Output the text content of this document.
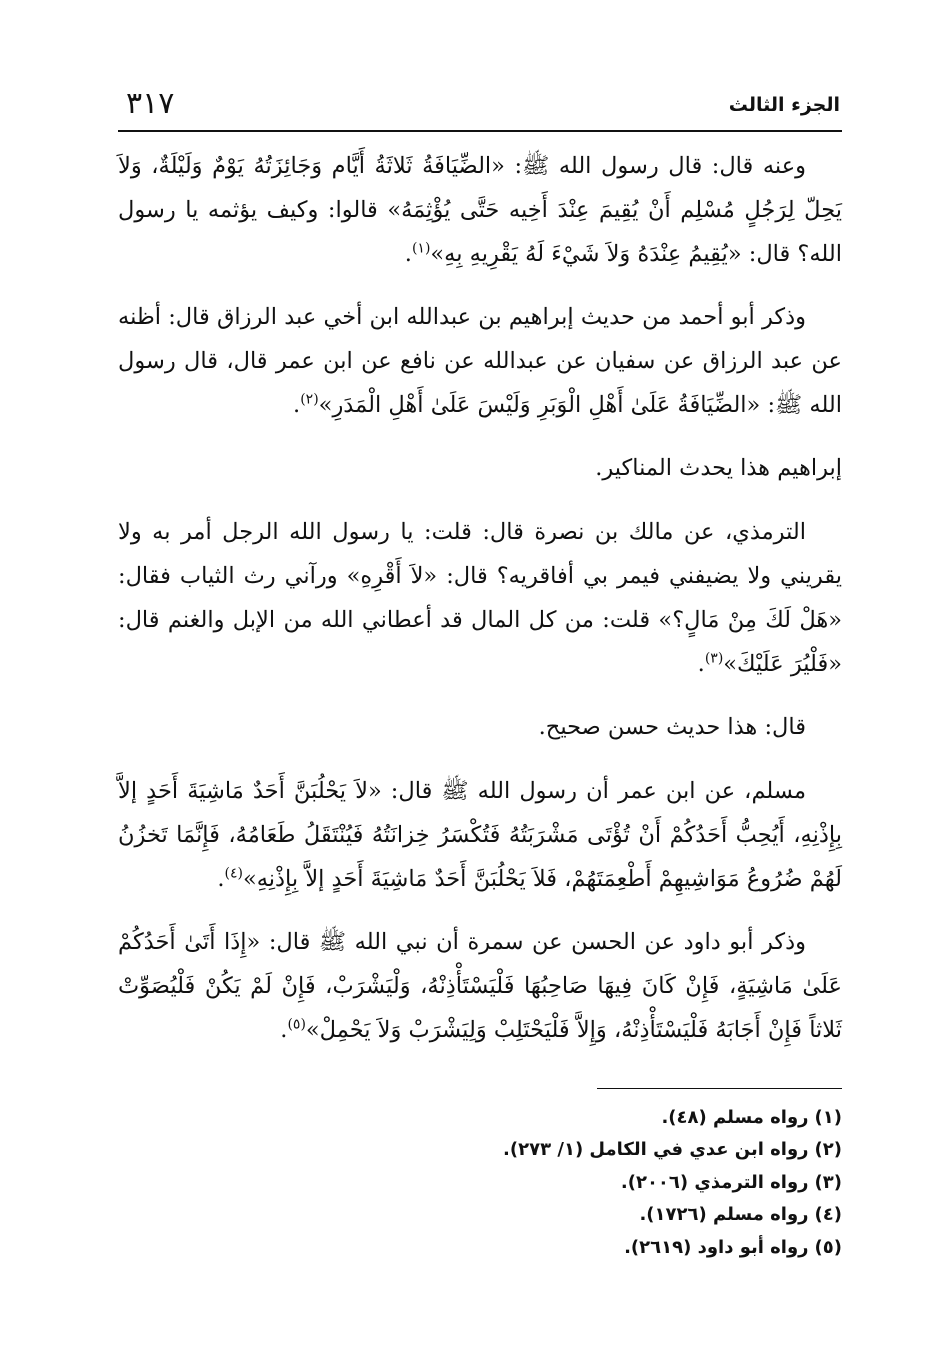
الجزء الثالث
٣١٧

وعنه قال: قال رسول الله ﷺ: «الضِّيَافَةُ ثَلاثَةُ أَيَّام وَجَائِزَتُهُ يَوْمٌ وَلَيْلَةٌ، وَلاَ يَحِلّ لِرَجُلٍ مُسْلِم أَنْ يُقِيمَ عِنْدَ أَخِيه حَتَّى يُؤْثِمَهُ» قالوا: وكيف يؤثمه يا رسول الله؟ قال: «يُقِيمُ عِنْدَهُ وَلاَ شَيْءَ لَهُ يَقْرِيهِ بِهِ»$^{(١)}$.

وذكر أبو أحمد من حديث إبراهيم بن عبدالله ابن أخي عبد الرزاق قال: أظنه عن عبد الرزاق عن سفيان عن عبدالله عن نافع عن ابن عمر قال، قال رسول الله ﷺ: «الضِّيَافَةُ عَلَىٰ أَهْلِ الْوَبَرِ وَلَيْسَ عَلَىٰ أَهْلِ الْمَدَرِ»$^{(٢)}$.

إبراهيم هذا يحدث المناكير.

الترمذي، عن مالك بن نصرة قال: قلت: يا رسول الله الرجل أمر به ولا يقريني ولا يضيفني فيمر بي أفاقريه؟ قال: «لاَ أَقْرِهِ» ورآني رث الثياب فقال: «هَلْ لَكَ مِنْ مَالٍ؟» قلت: من كل المال قد أعطاني الله من الإبل والغنم قال: «فَلْيُرَ عَلَيْكَ»$^{(٣)}$.

قال: هذا حديث حسن صحيح.

مسلم، عن ابن عمر أن رسول الله ﷺ قال: «لاَ يَحْلُبَنَّ أَحَدٌ مَاشِيَةَ أَحَدٍ إلاَّ بِإِذْنِهِ، أَيُحِبُّ أَحَدُكُمْ أَنْ تُؤْتَى مَشْرَبَتُهُ فَتُكْسَرُ خِزانَتُهُ فَيُنْتَقَلُ طَعَامُهُ، فَإِنَّمَا تَخزُنُ لَهُمْ ضُرُوعُ مَوَاشِيهِمْ أَطْعِمَتَهُمْ، فَلاَ يَحْلُبَنَّ أَحَدٌ مَاشِيَةَ أَحَدٍ إلاَّ بِإِذْنِهِ»$^{(٤)}$.

وذكر أبو داود عن الحسن عن سمرة أن نبي الله ﷺ قال: «إِذَا أَتَىٰ أَحَدُكُمْ عَلَىٰ مَاشِيَةٍ، فَإِنْ كَانَ فِيهَا صَاحِبُهَا فَلْيَسْتَأْذِنْهُ، وَلْيَشْرَبْ، فَإِنْ لَمْ يَكُنْ فَلْيُصَوِّتْ ثَلاثاً فَإِنْ أَجَابَهُ فَلْيَسْتَأْذِنْهُ، وَإِلاَّ فَلْيَحْتَلِبْ وَلِيَشْرَبْ وَلاَ يَحْمِلْ»$^{(٥)}$.

(١)رواه مسلم (٤٨).
(٢)رواه ابن عدي في الكامل (١/ ٢٧٣).
(٣)رواه الترمذي (٢٠٠٦).
(٤)رواه مسلم (١٧٢٦).
(٥)رواه أبو داود (٢٦١٩).
